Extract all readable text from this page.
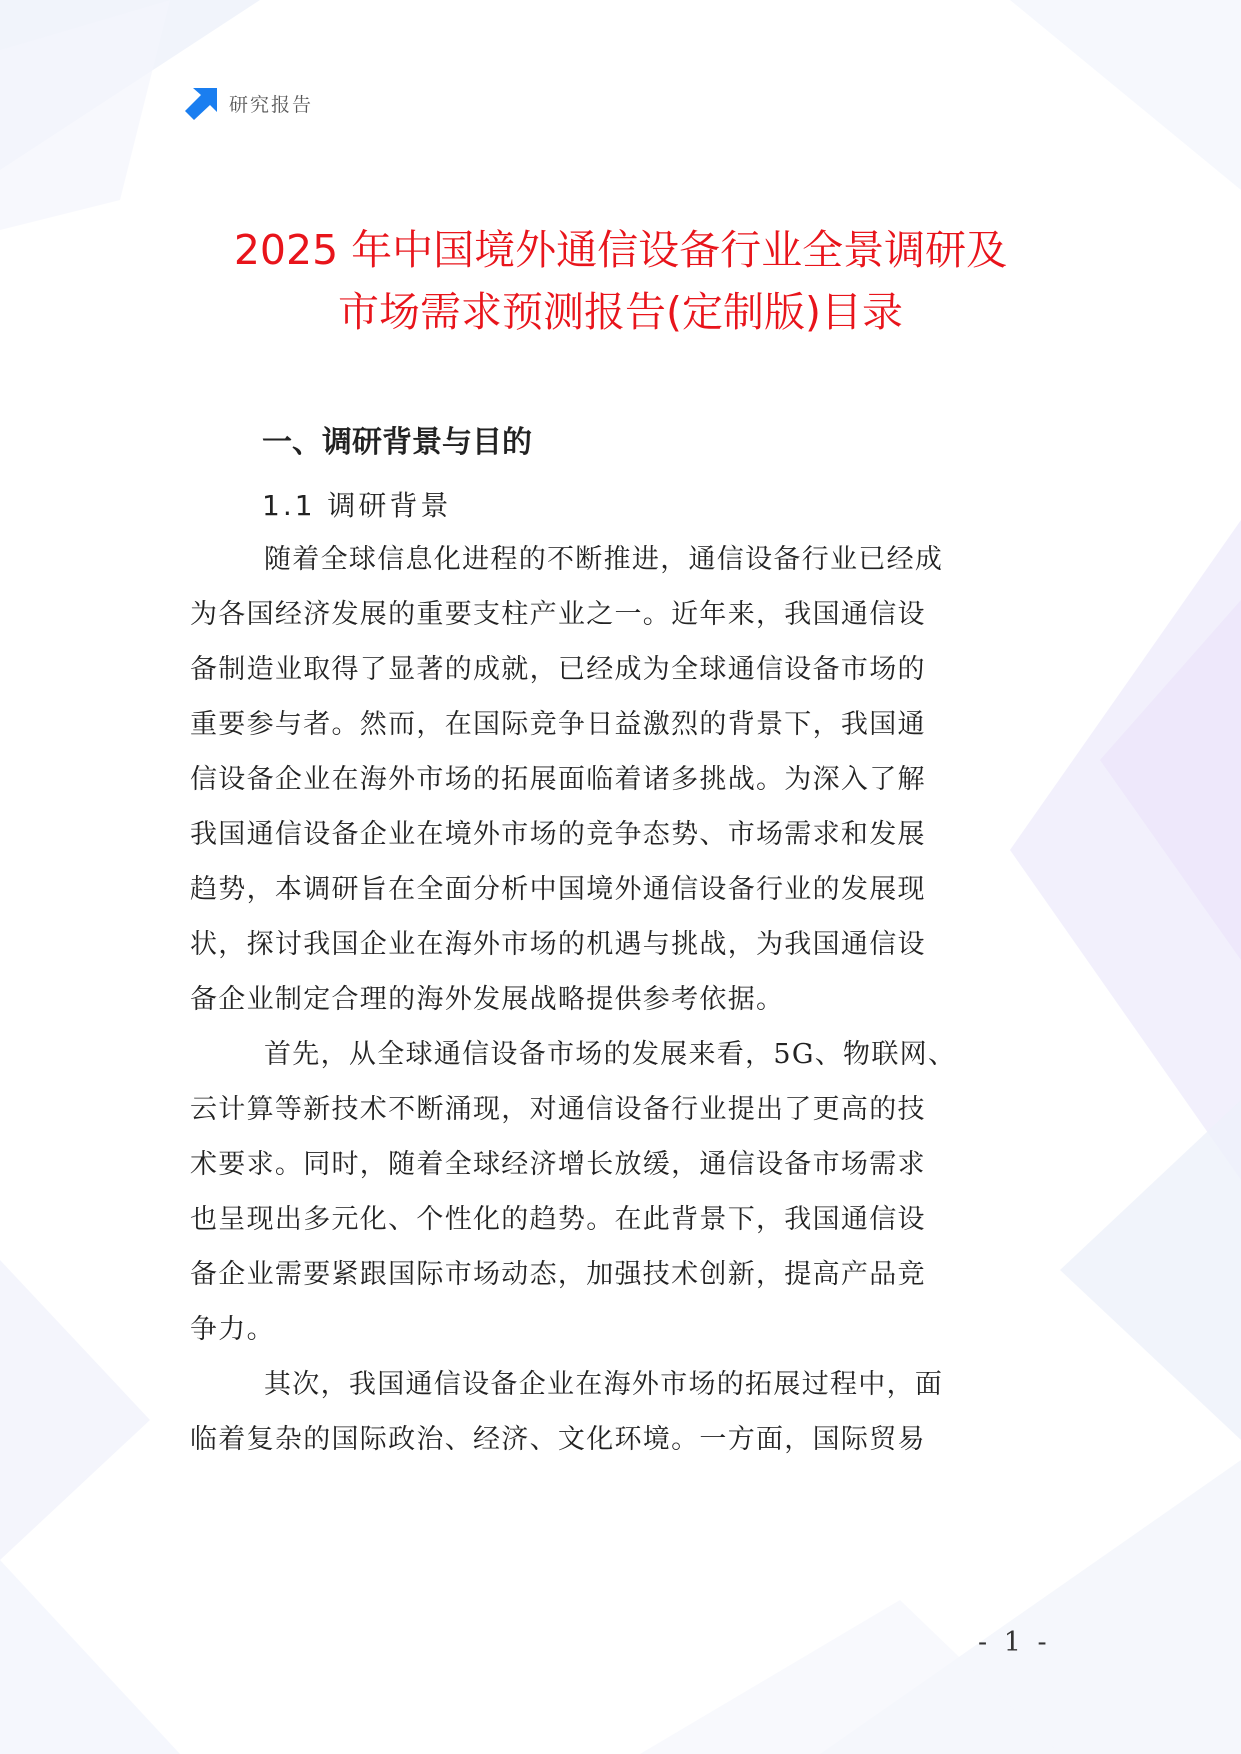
研究报告
2025 年中国境外通信设备行业全景调研及
市场需求预测报告(定制版)目录
一、调研背景与目的
1.1 调研背景
随着全球信息化进程的不断推进，通信设备行业已经成
为各国经济发展的重要支柱产业之一。近年来，我国通信设
备制造业取得了显著的成就，已经成为全球通信设备市场的
重要参与者。然而，在国际竞争日益激烈的背景下，我国通
信设备企业在海外市场的拓展面临着诸多挑战。为深入了解
我国通信设备企业在境外市场的竞争态势、市场需求和发展
趋势，本调研旨在全面分析中国境外通信设备行业的发展现
状，探讨我国企业在海外市场的机遇与挑战，为我国通信设
备企业制定合理的海外发展战略提供参考依据。
首先，从全球通信设备市场的发展来看，5G、物联网、
云计算等新技术不断涌现，对通信设备行业提出了更高的技
术要求。同时，随着全球经济增长放缓，通信设备市场需求
也呈现出多元化、个性化的趋势。在此背景下，我国通信设
备企业需要紧跟国际市场动态，加强技术创新，提高产品竞
争力。
其次，我国通信设备企业在海外市场的拓展过程中，面
临着复杂的国际政治、经济、文化环境。一方面，国际贸易
- 1 -
